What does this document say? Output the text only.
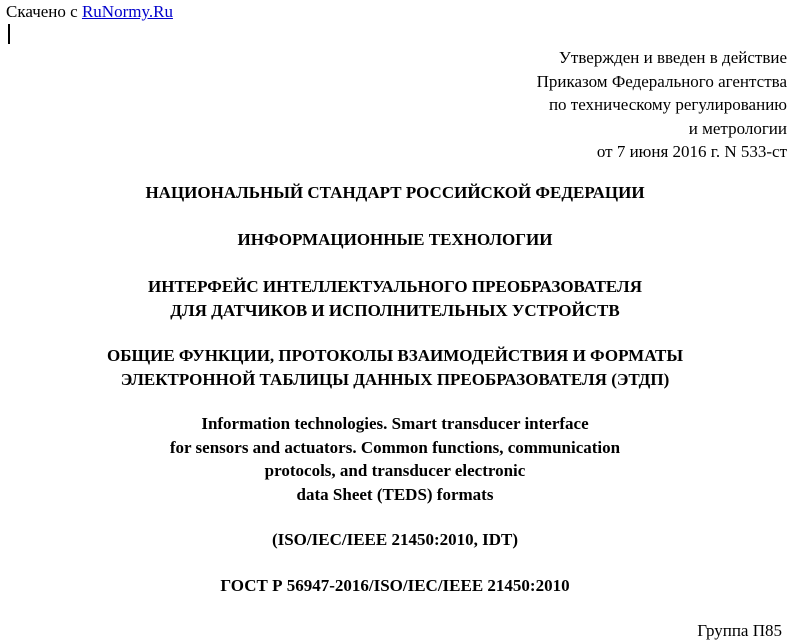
Скачено с RuNormy.Ru
Утвержден и введен в действие
Приказом Федерального агентства
по техническому регулированию
и метрологии
от 7 июня 2016 г. N 533-ст
НАЦИОНАЛЬНЫЙ СТАНДАРТ РОССИЙСКОЙ ФЕДЕРАЦИИ
ИНФОРМАЦИОННЫЕ ТЕХНОЛОГИИ
ИНТЕРФЕЙС ИНТЕЛЛЕКТУАЛЬНОГО ПРЕОБРАЗОВАТЕЛЯ
ДЛЯ ДАТЧИКОВ И ИСПОЛНИТЕЛЬНЫХ УСТРОЙСТВ
ОБЩИЕ ФУНКЦИИ, ПРОТОКОЛЫ ВЗАИМОДЕЙСТВИЯ И ФОРМАТЫ
ЭЛЕКТРОННОЙ ТАБЛИЦЫ ДАННЫХ ПРЕОБРАЗОВАТЕЛЯ (ЭТДП)
Information technologies. Smart transducer interface
for sensors and actuators. Common functions, communication
protocols, and transducer electronic
data Sheet (TEDS) formats
(ISO/IEC/IEEE 21450:2010, IDT)
ГОСТ Р 56947-2016/ISO/IEC/IEEE 21450:2010
Группа П85
